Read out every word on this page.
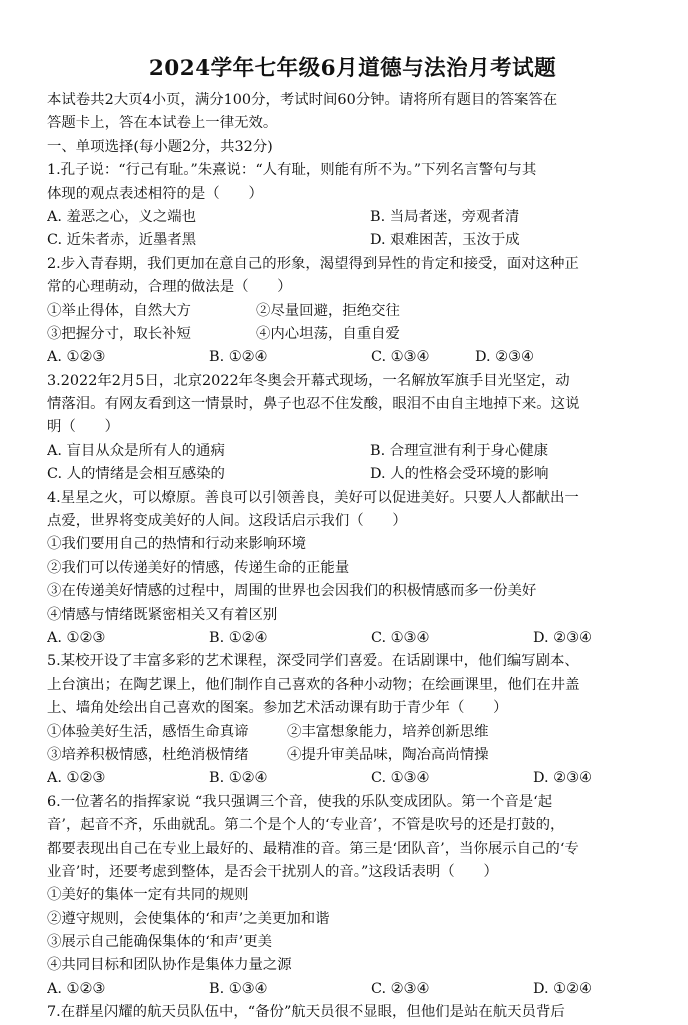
2024学年七年级6月道德与法治月考试题
本试卷共2大页4小页，满分100分，考试时间60分钟。请将所有题目的答案答在
答题卡上，答在本试卷上一律无效。
一、单项选择(每小题2分，共32分)
1.孔子说：“行己有耻。”朱熹说：“人有耻，则能有所不为。”下列名言警句与其
体现的观点表述相符的是（　　）
A. 羞恶之心，义之端也	B. 当局者迷，旁观者清
C. 近朱者赤，近墨者黑	D. 艰难困苦，玉汝于成
2.步入青春期，我们更加在意自己的形象，渴望得到异性的肯定和接受，面对这种正
常的心理萌动，合理的做法是（　　）
①举止得体，自然大方	②尽量回避，拒绝交往
③把握分寸，取长补短	④内心坦荡，自重自爱
A. ①②③	B. ①②④	C. ①③④	D. ②③④
3.2022年2月5日，北京2022年冬奥会开幕式现场，一名解放军旗手目光坚定，动
情落泪。有网友看到这一情景时，鼻子也忍不住发酸，眼泪不由自主地掉下来。这说
明（　　）
A. 盲目从众是所有人的通病	B. 合理宣泄有利于身心健康
C. 人的情绪是会相互感染的	D. 人的性格会受环境的影响
4.星星之火，可以燎原。善良可以引领善良，美好可以促进美好。只要人人都献出一
点爱，世界将变成美好的人间。这段话启示我们（　　）
①我们要用自己的热情和行动来影响环境
②我们可以传递美好的情感，传递生命的正能量
③在传递美好情感的过程中，周围的世界也会因我们的积极情感而多一份美好
④情感与情绪既紧密相关又有着区别
A. ①②③	B. ①②④	C. ①③④	D. ②③④
5.某校开设了丰富多彩的艺术课程，深受同学们喜爱。在话剧课中，他们编写剧本、
上台演出；在陶艺课上，他们制作自己喜欢的各种小动物；在绘画课里，他们在井盖
上、墙角处绘出自己喜欢的图案。参加艺术活动课有助于青少年（　　）
①体验美好生活，感悟生命真谛	②丰富想象能力，培养创新思维
③培养积极情感，杜绝消极情绪	④提升审美品味，陶冶高尚情操
A. ①②③	B. ①②④	C. ①③④	D. ②③④
6.一位著名的指挥家说 “我只强调三个音，使我的乐队变成团队。第一个音是‘起
音’，起音不齐，乐曲就乱。第二个是个人的‘专业音’，不管是吹号的还是打鼓的，
都要表现出自己在专业上最好的、最精准的音。第三是‘团队音’，当你展示自己的‘专
业音’时，还要考虑到整体，是否会干扰别人的音。”这段话表明（　　）
①美好的集体一定有共同的规则
②遵守规则，会使集体的‘和声’之美更加和谐
③展示自己能确保集体的‘和声’更美
④共同目标和团队协作是集体力量之源
A. ①②③	B. ①③④	C. ②③④	D. ①②④
7.在群星闪耀的航天员队伍中，“备份”航天员很不显眼，但他们是站在航天员背后
